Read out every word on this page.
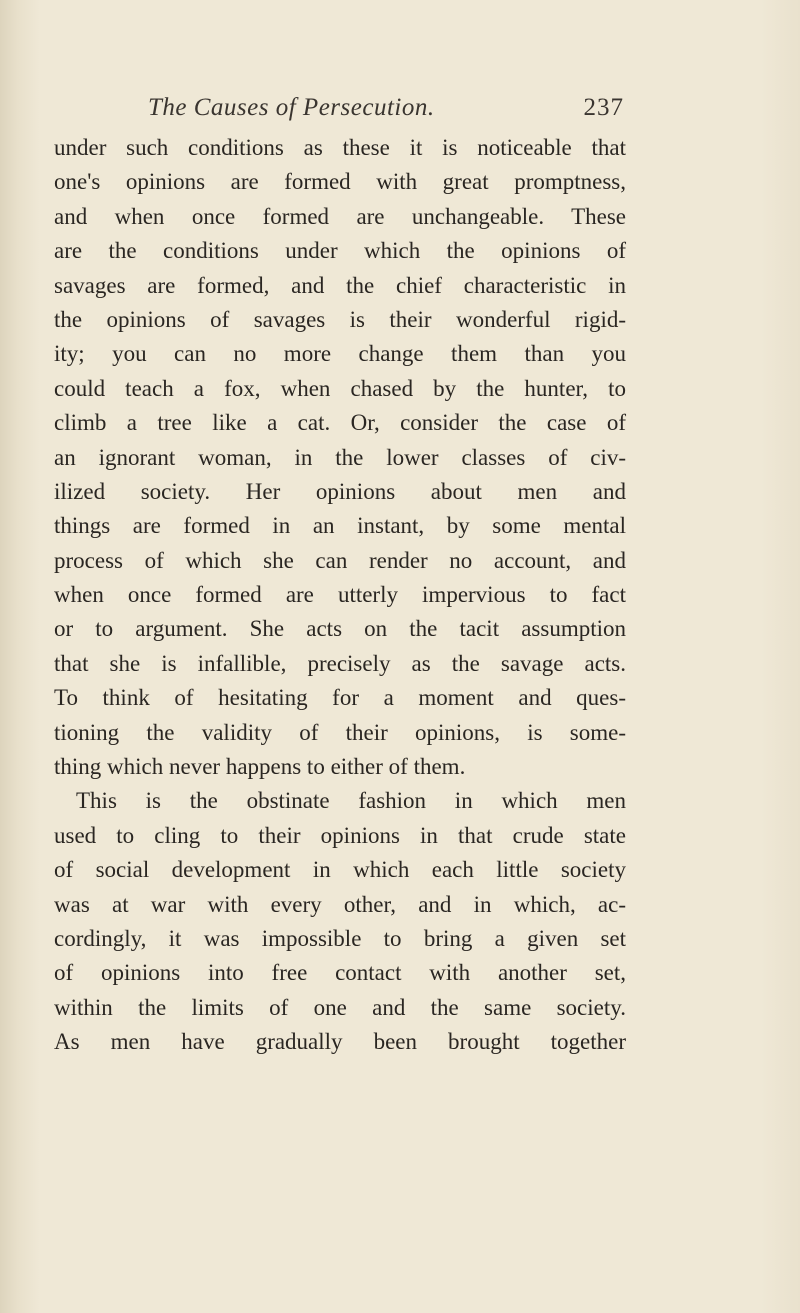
The Causes of Persecution.	237
under such conditions as these it is noticeable that
one's opinions are formed with great promptness,
and when once formed are unchangeable. These
are the conditions under which the opinions of
savages are formed, and the chief characteristic in
the opinions of savages is their wonderful rigid-
ity; you can no more change them than you
could teach a fox, when chased by the hunter, to
climb a tree like a cat. Or, consider the case of
an ignorant woman, in the lower classes of civ-
ilized society. Her opinions about men and
things are formed in an instant, by some mental
process of which she can render no account, and
when once formed are utterly impervious to fact
or to argument. She acts on the tacit assumption
that she is infallible, precisely as the savage acts.
To think of hesitating for a moment and ques-
tioning the validity of their opinions, is some-
thing which never happens to either of them.
This is the obstinate fashion in which men
used to cling to their opinions in that crude state
of social development in which each little society
was at war with every other, and in which, ac-
cordingly, it was impossible to bring a given set
of opinions into free contact with another set,
within the limits of one and the same society.
As men have gradually been brought together
